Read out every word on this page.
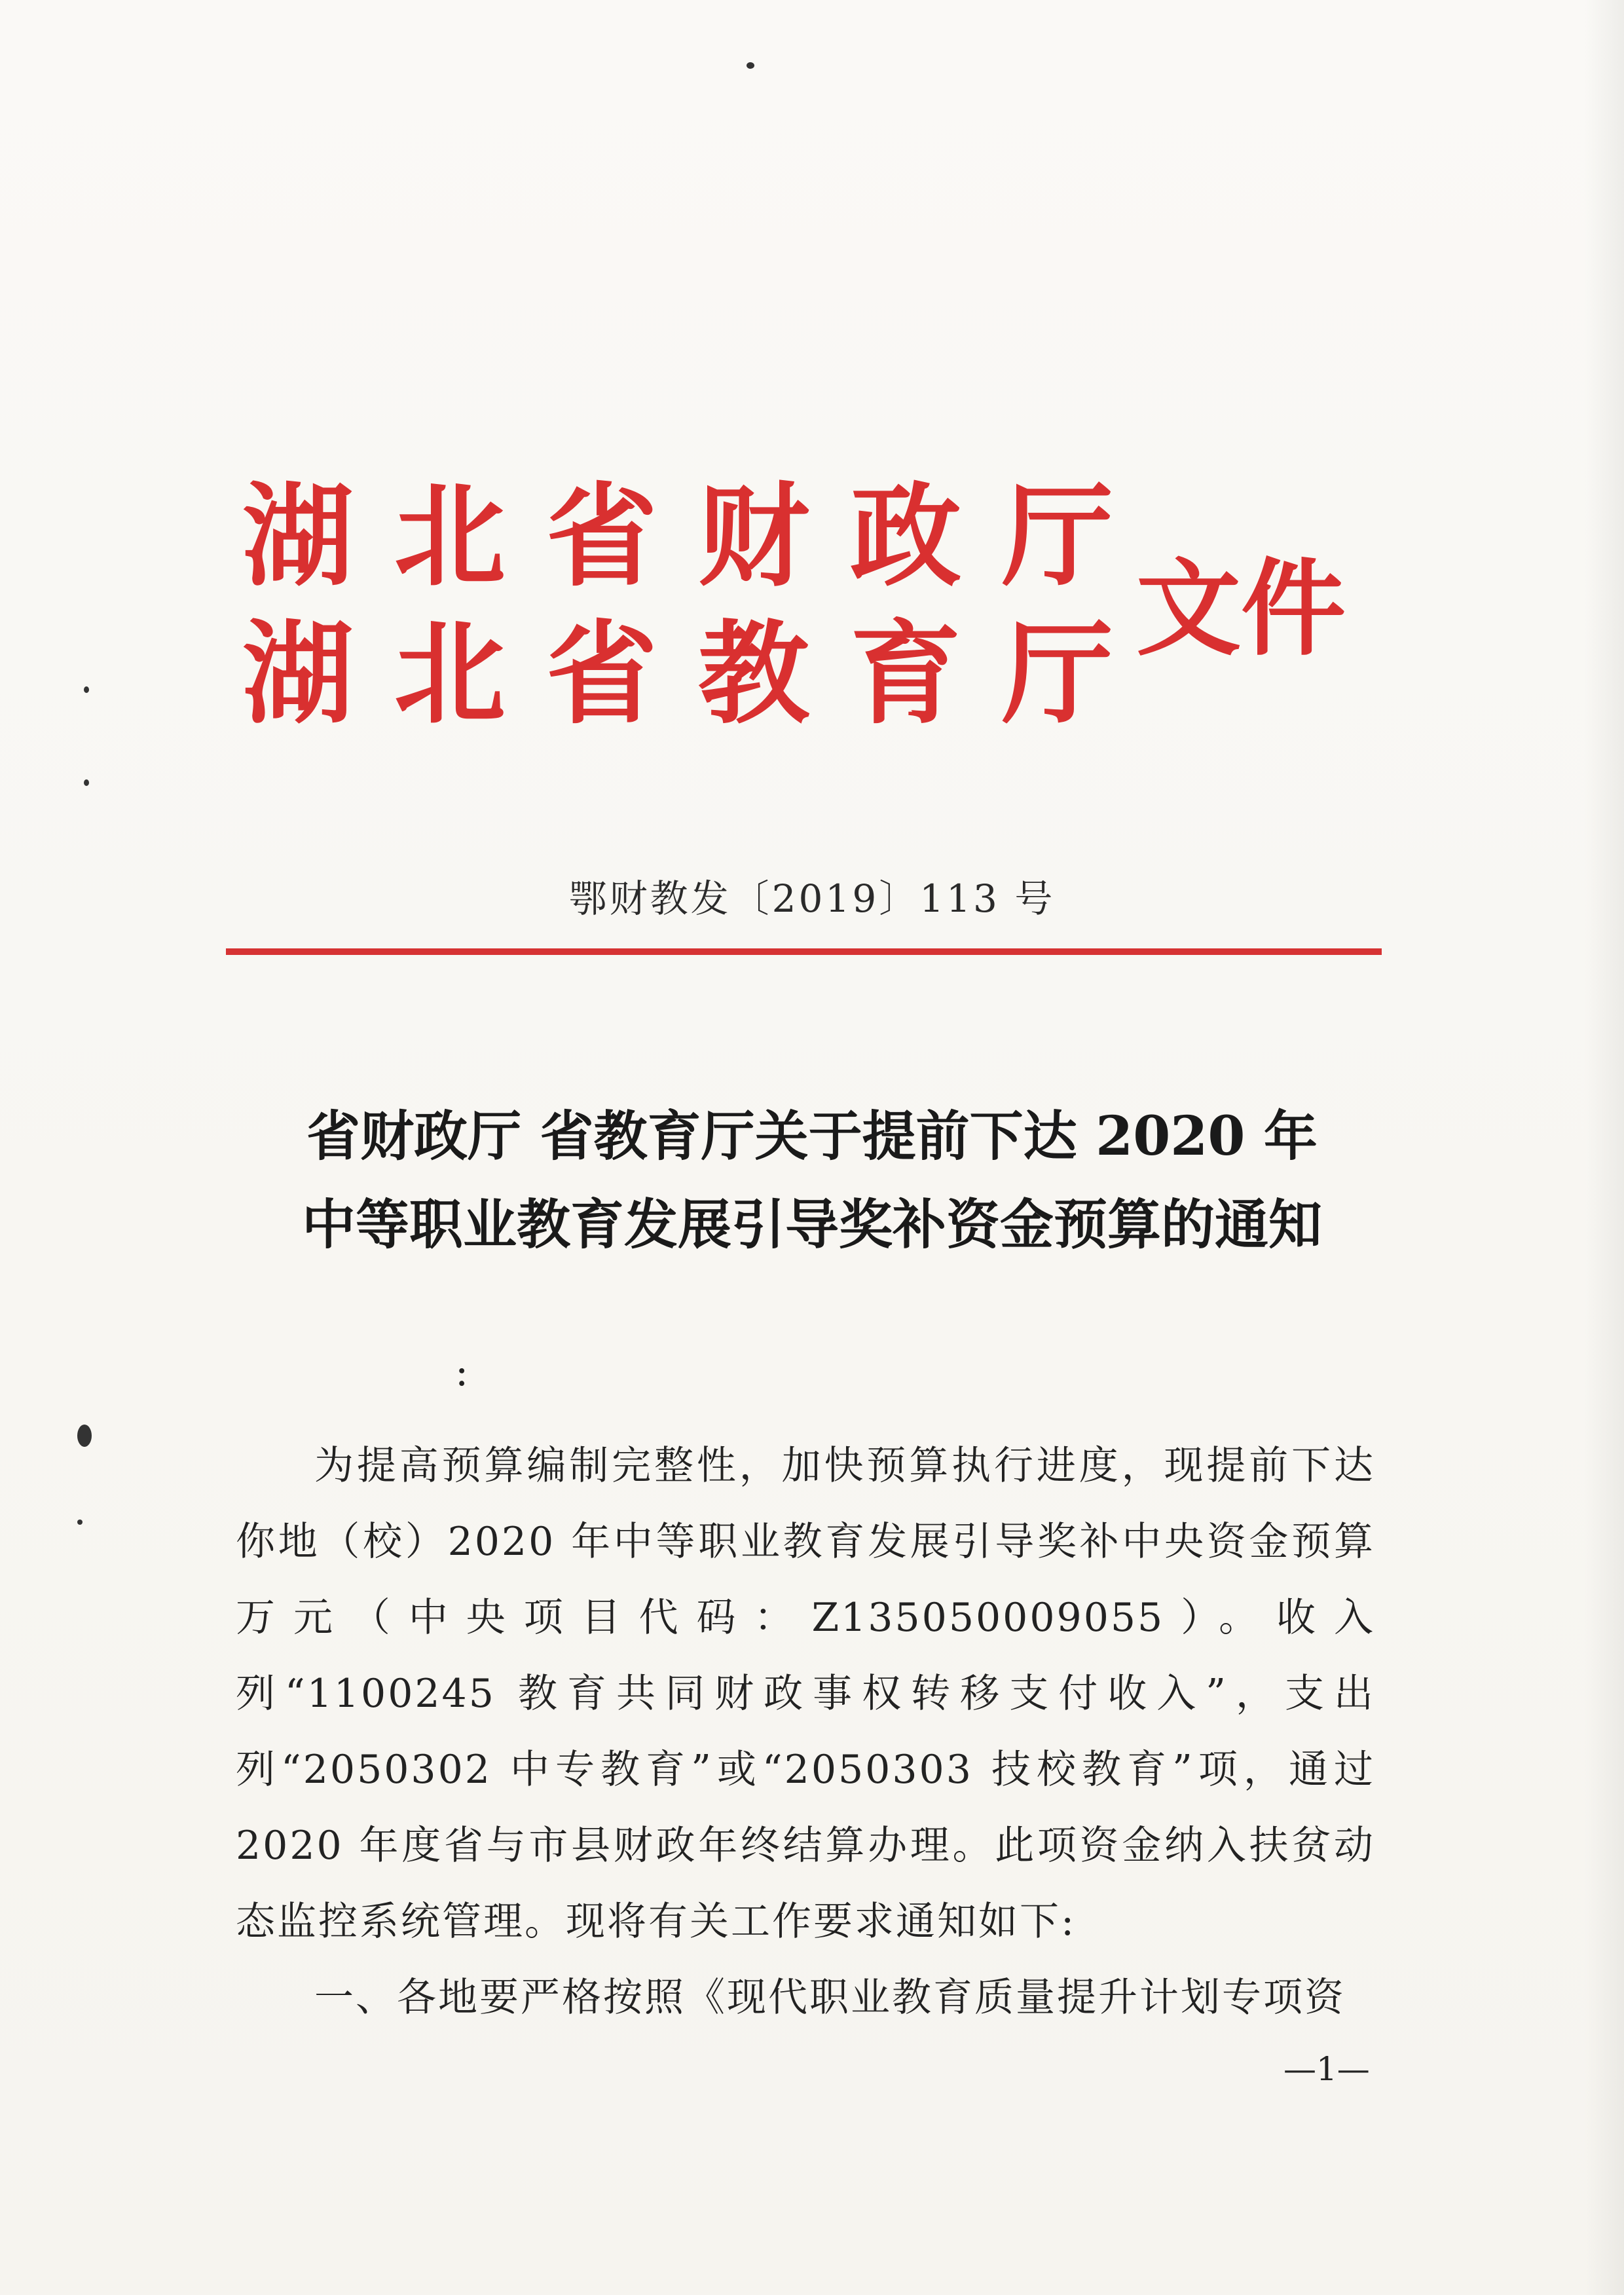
湖北省财政厅
湖北省教育厅
文件
鄂财教发〔2019〕113 号
省财政厅 省教育厅关于提前下达 2020 年
中等职业教育发展引导奖补资金预算的通知
:

为提高预算编制完整性，加快预算执行进度，现提前下达你地（校）2020 年中等职业教育发展引导奖补中央资金预算 万元（中央项目代码：Z135050009055）。收入列“1100245 教育共同财政事权转移支付收入”，支出列“2050302 中专教育”或“2050303 技校教育”项，通过 2020 年度省与市县财政年终结算办理。此项资金纳入扶贫动态监控系统管理。现将有关工作要求通知如下:

一、各地要严格按照《现代职业教育质量提升计划专项资

—1—
